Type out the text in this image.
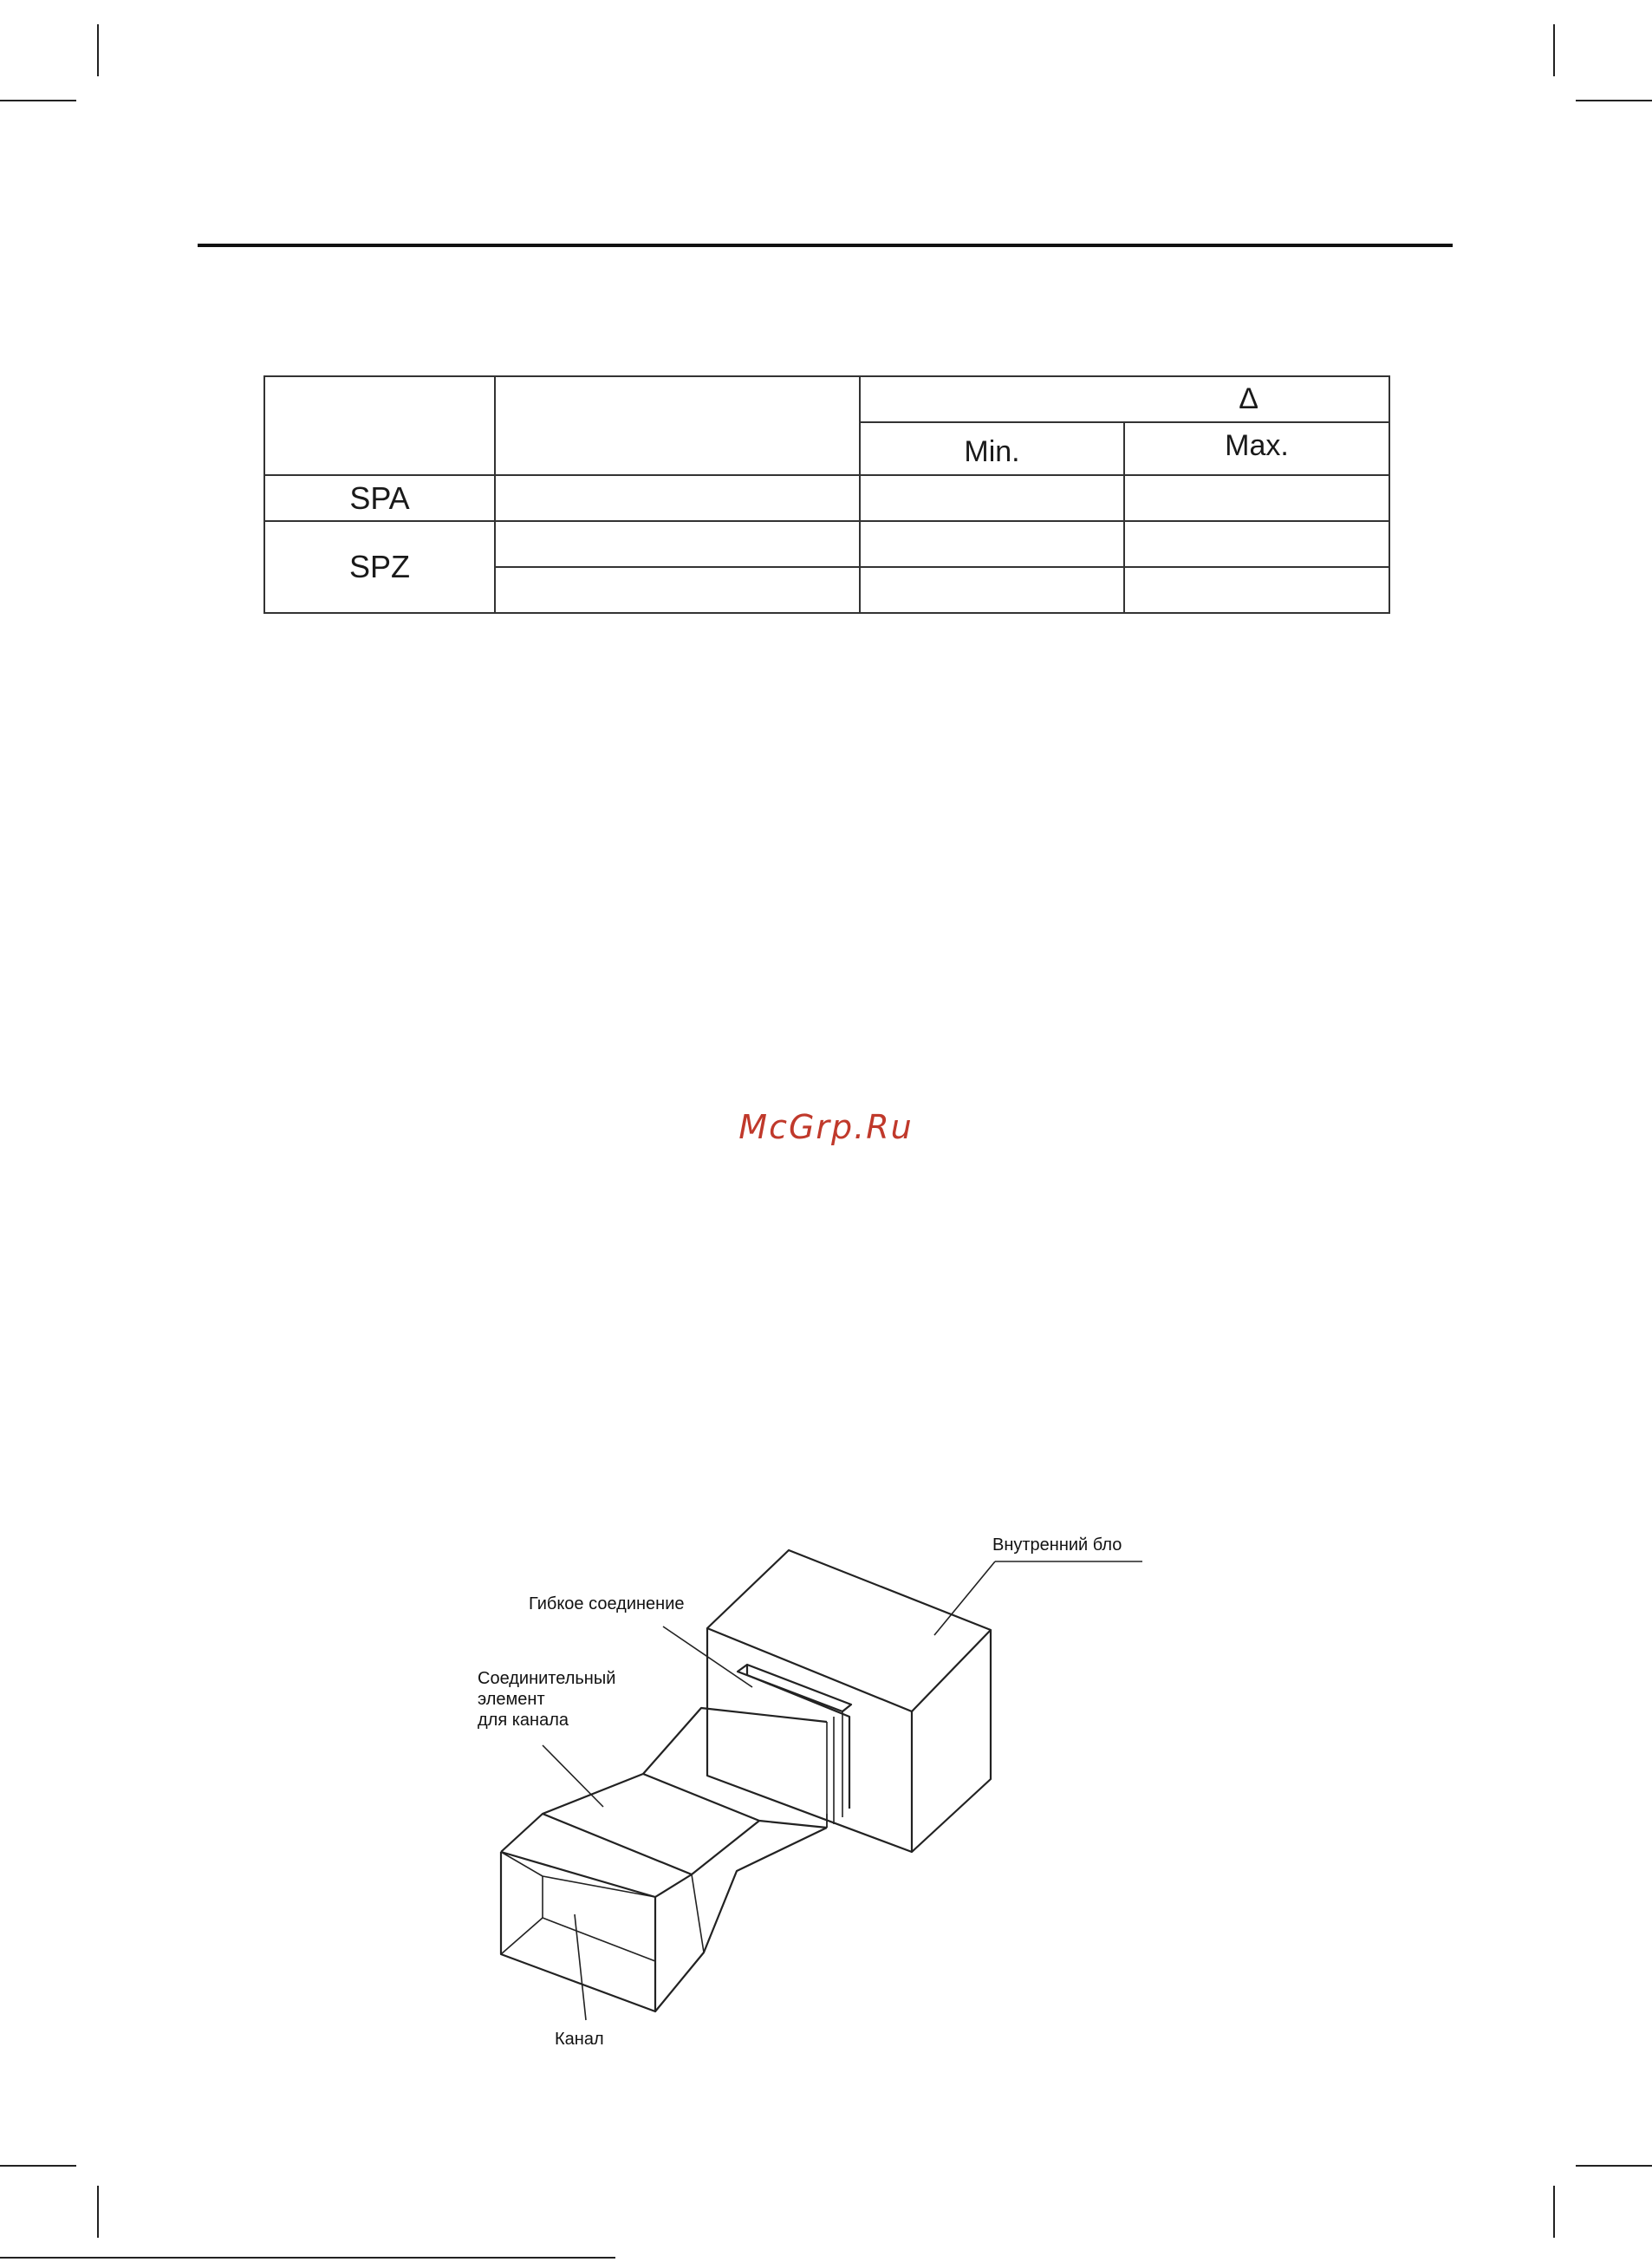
		Δ	
		Min.	Max.
SPA			
SPZ			

McGrp.Ru
Внутренний бло
Гибкое соединение
Соединительный
элемент
для канала
Канал
